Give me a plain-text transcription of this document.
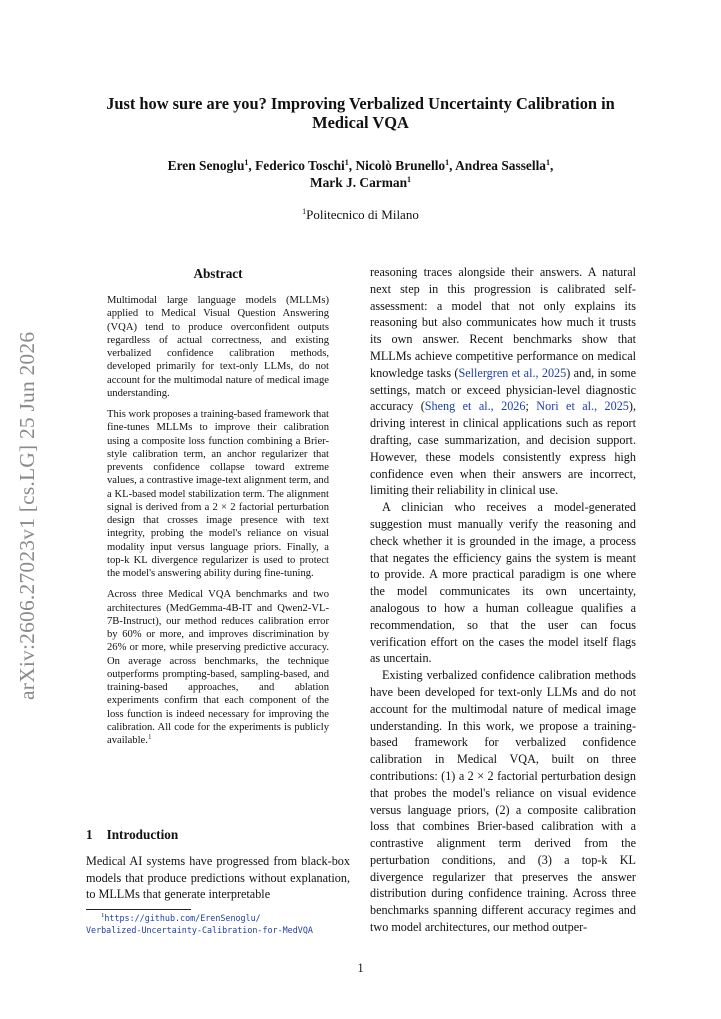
arXiv:2606.27023v1 [cs.LG] 25 Jun 2026
Just how sure are you? Improving Verbalized Uncertainty Calibration in Medical VQA
Eren Senoglu$^1$, Federico Toschi$^1$, Nicolò Brunello$^1$, Andrea Sassella$^1$,
Mark J. Carman$^1$
$^1$Politecnico di Milano
Abstract

Multimodal large language models (MLLMs) applied to Medical Visual Question Answering (VQA) tend to produce overconfident outputs regardless of actual correctness, and existing verbalized confidence calibration methods, developed primarily for text-only LLMs, do not account for the multimodal nature of medical image understanding.

This work proposes a training-based framework that fine-tunes MLLMs to improve their calibration using a composite loss function combining a Brier-style calibration term, an anchor regularizer that prevents confidence collapse toward extreme values, a contrastive image-text alignment term, and a KL-based model stabilization term. The alignment signal is derived from a 2 × 2 factorial perturbation design that crosses image presence with text integrity, probing the model's reliance on visual modality input versus language priors. Finally, a top-k KL divergence regularizer is used to protect the model's answering ability during fine-tuning.

Across three Medical VQA benchmarks and two architectures (MedGemma-4B-IT and Qwen2-VL-7B-Instruct), our method reduces calibration error by 60% or more, and improves discrimination by 26% or more, while preserving predictive accuracy. On average across benchmarks, the technique outperforms prompting-based, sampling-based, and training-based approaches, and ablation experiments confirm that each component of the loss function is indeed necessary for improving the calibration. All code for the experiments is publicly available.$^1$

1 Introduction

Medical AI systems have progressed from black-box models that produce predictions without explanation, to MLLMs that generate interpretable

$^1$https://github.com/ErenSenoglu/
Verbalized-Uncertainty-Calibration-for-MedVQA

reasoning traces alongside their answers. A natural next step in this progression is calibrated self-assessment: a model that not only explains its reasoning but also communicates how much it trusts its own answer. Recent benchmarks show that MLLMs achieve competitive performance on medical knowledge tasks (Sellergren et al., 2025) and, in some settings, match or exceed physician-level diagnostic accuracy (Sheng et al., 2026; Nori et al., 2025), driving interest in clinical applications such as report drafting, case summarization, and decision support. However, these models consistently express high confidence even when their answers are incorrect, limiting their reliability in clinical use.

A clinician who receives a model-generated suggestion must manually verify the reasoning and check whether it is grounded in the image, a process that negates the efficiency gains the system is meant to provide. A more practical paradigm is one where the model communicates its own uncertainty, analogous to how a human colleague qualifies a recommendation, so that the user can focus verification effort on the cases the model itself flags as uncertain.

Existing verbalized confidence calibration methods have been developed for text-only LLMs and do not account for the multimodal nature of medical image understanding. In this work, we propose a training-based framework for verbalized confidence calibration in Medical VQA, built on three contributions: (1) a 2 × 2 factorial perturbation design that probes the model's reliance on visual evidence versus language priors, (2) a composite calibration loss that combines Brier-based calibration with a contrastive alignment term derived from the perturbation conditions, and (3) a top-k KL divergence regularizer that preserves the answer distribution during confidence training. Across three benchmarks spanning different accuracy regimes and two model architectures, our method outper-

1
